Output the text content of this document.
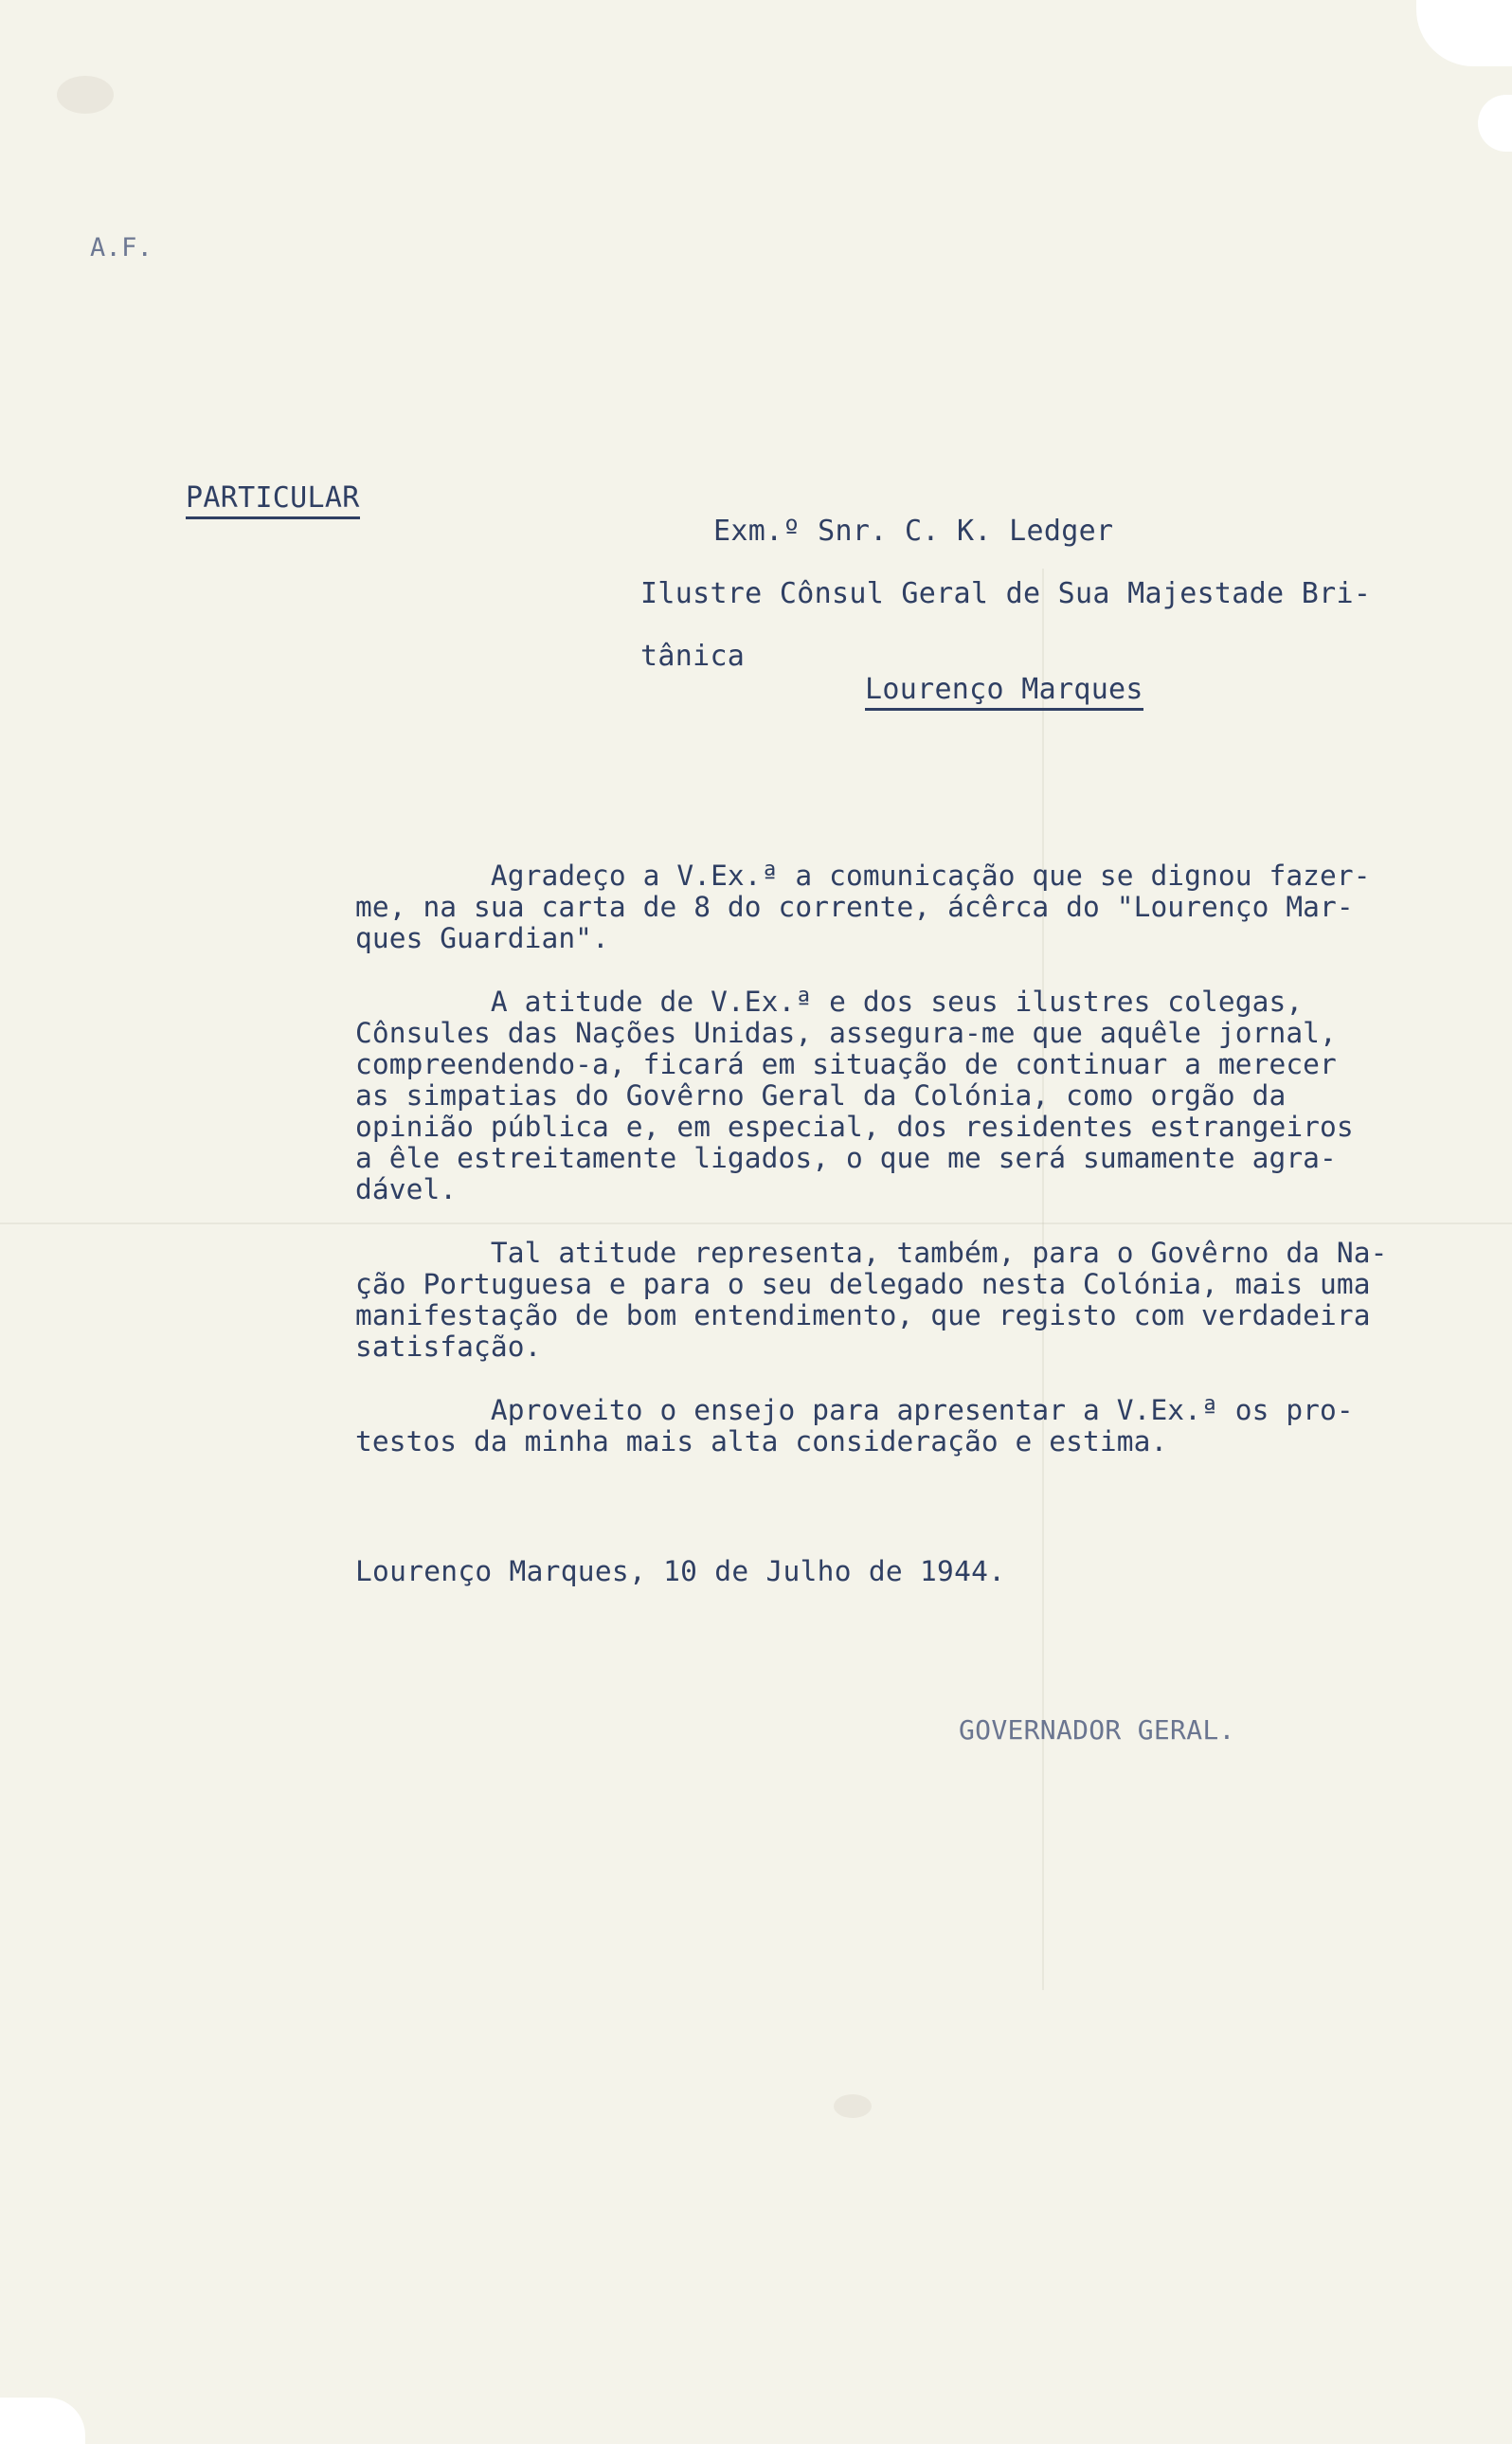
A.F.
PARTICULAR
Exm.º Snr. C. K. Ledger
Ilustre Cônsul Geral de Sua Majestade Bri-
tânica
Lourenço Marques
Agradeço a V.Ex.ª a comunicação que se dignou fazer-
me, na sua carta de 8 do corrente, ácêrca do "Lourenço Mar-
ques Guardian".
A atitude de V.Ex.ª e dos seus ilustres colegas,
Cônsules das Nações Unidas, assegura-me que aquêle jornal,
compreendendo-a, ficará em situação de continuar a merecer
as simpatias do Govêrno Geral da Colónia, como orgão da
opinião pública e, em especial, dos residentes estrangeiros
a êle estreitamente ligados, o que me será sumamente agra-
dável.
Tal atitude representa, também, para o Govêrno da Na-
ção Portuguesa e para o seu delegado nesta Colónia, mais uma
manifestação de bom entendimento, que registo com verdadeira
satisfação.
Aproveito o ensejo para apresentar a V.Ex.ª os pro-
testos da minha mais alta consideração e estima.
Lourenço Marques, 10 de Julho de 1944.
GOVERNADOR GERAL.
